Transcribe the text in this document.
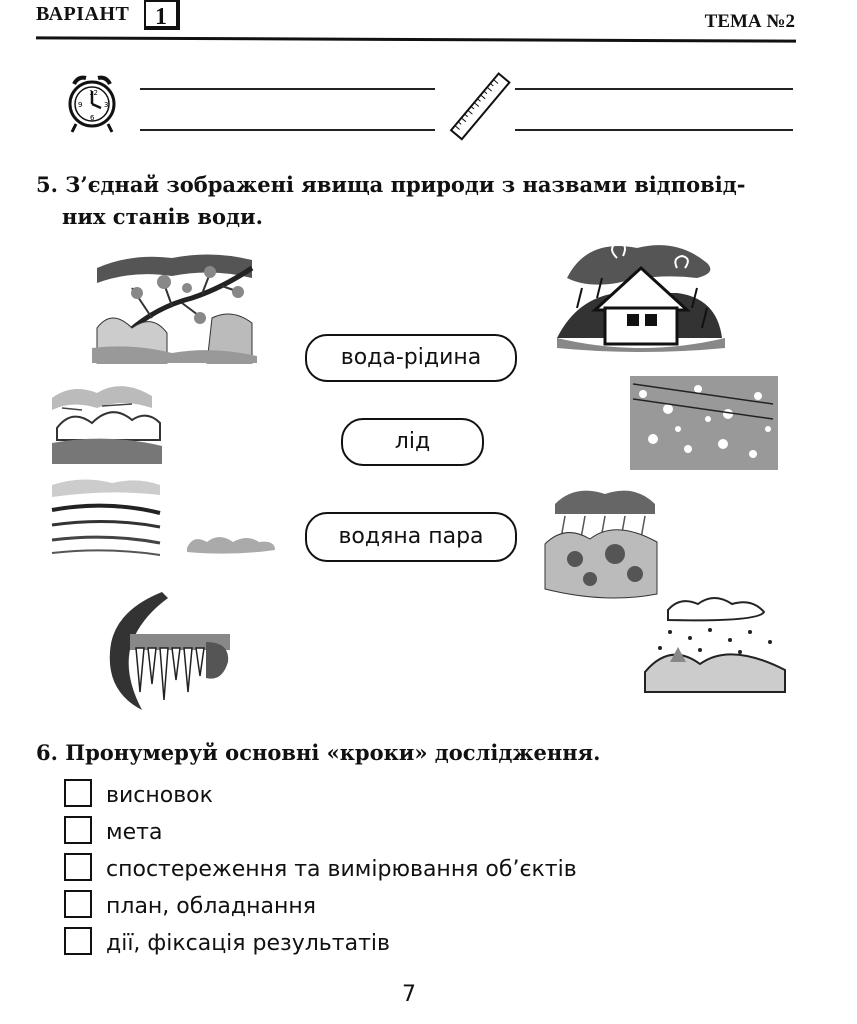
ВАРІАНТ	1	ТЕМА №2
12
3
6
9
5. З’єднай зображені явища природи з назвами відповід-
них станів води.
вода-рідина
лід
водяна пара
6. Пронумеруй основні «кроки» дослідження.
висновок
мета
спостереження та вимірювання об’єктів
план, обладнання
дії, фіксація результатів
7
